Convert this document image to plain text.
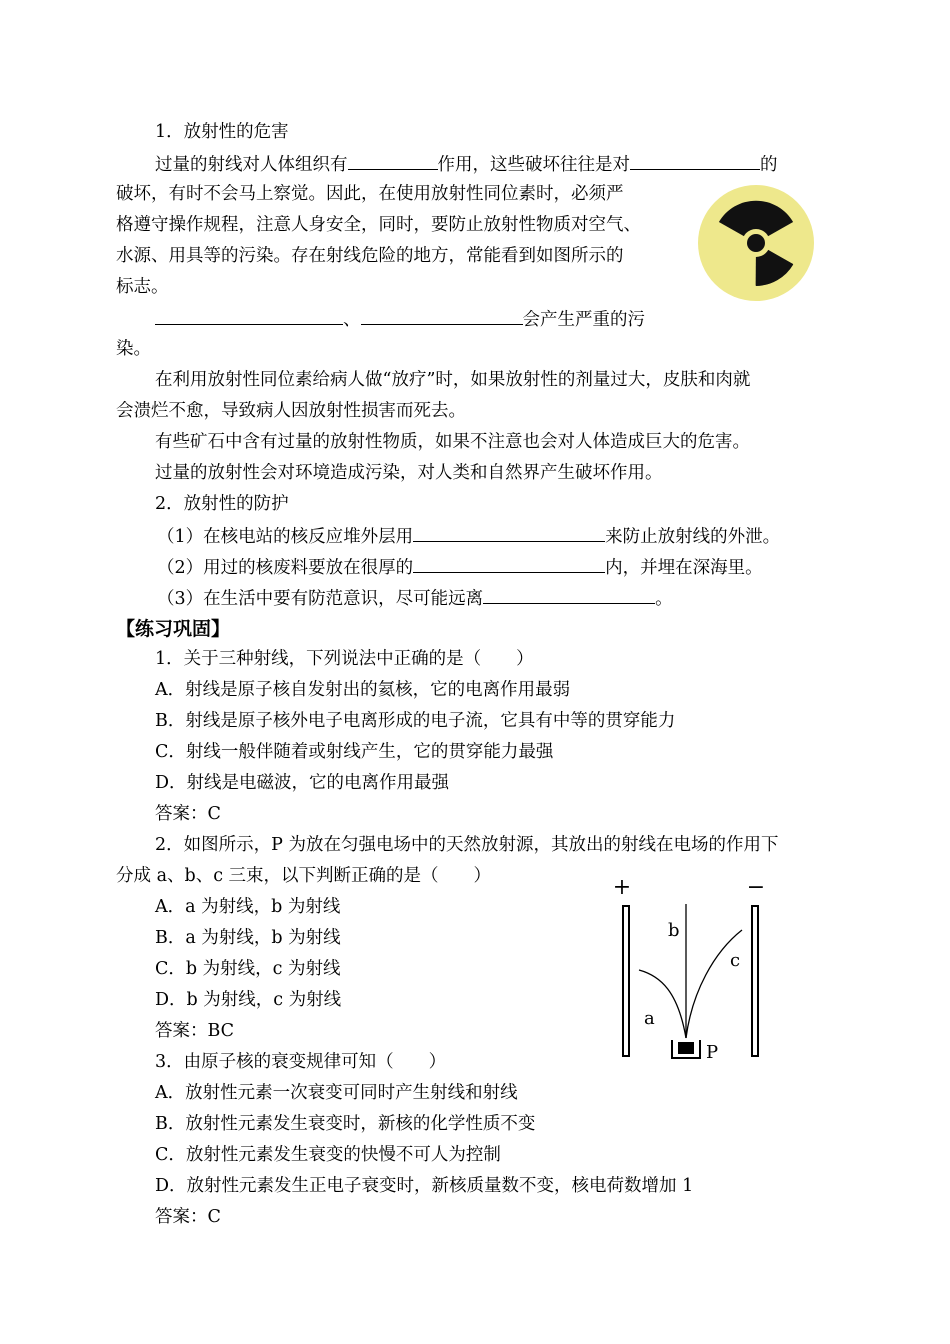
1．放射性的危害
过量的射线对人体组织有	作用，这些破坏往往是对	的
破坏，有时不会马上察觉。因此，在使用放射性同位素时，必须严
格遵守操作规程，注意人身安全，同时，要防止放射性物质对空气、
水源、用具等的污染。存在射线危险的地方，常能看到如图所示的
标志。
、	会产生严重的污
染。
在利用放射性同位素给病人做“放疗”时，如果放射性的剂量过大，皮肤和肉就
会溃烂不愈，导致病人因放射性损害而死去。
有些矿石中含有过量的放射性物质，如果不注意也会对人体造成巨大的危害。
过量的放射性会对环境造成污染，对人类和自然界产生破坏作用。
2．放射性的防护
（1）在核电站的核反应堆外层用	来防止放射线的外泄。
（2）用过的核废料要放在很厚的	内，并埋在深海里。
（3）在生活中要有防范意识，尽可能远离	。
【练习巩固】
1．关于三种射线，下列说法中正确的是（　　）
A．射线是原子核自发射出的氦核，它的电离作用最弱
B．射线是原子核外电子电离形成的电子流，它具有中等的贯穿能力
C．射线一般伴随着或射线产生，它的贯穿能力最强
D．射线是电磁波，它的电离作用最强
答案：C
2．如图所示，P 为放在匀强电场中的天然放射源，其放出的射线在电场的作用下
分成 a、b、c 三束，以下判断正确的是（　　）
A．a 为射线，b 为射线
B．a 为射线，b 为射线
C．b 为射线，c 为射线
D．b 为射线，c 为射线
答案：BC
+	−
a
b
c
P
3．由原子核的衰变规律可知（　　）
A．放射性元素一次衰变可同时产生射线和射线
B．放射性元素发生衰变时，新核的化学性质不变
C．放射性元素发生衰变的快慢不可人为控制
D．放射性元素发生正电子衰变时，新核质量数不变，核电荷数增加 1
答案：C
